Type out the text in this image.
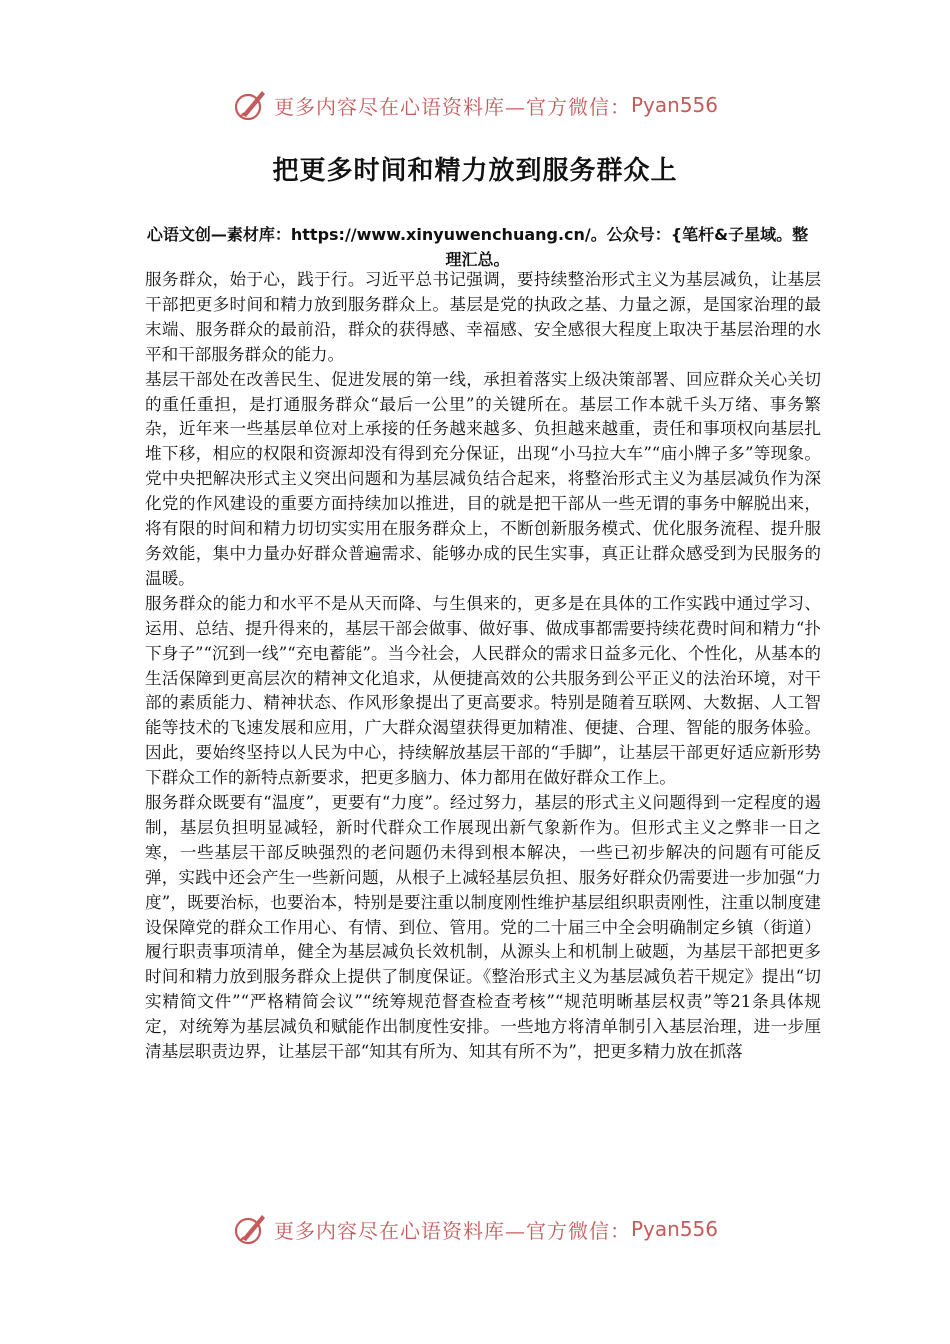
更多内容尽在心语资料库—官方微信： Pyan556
把更多时间和精力放到服务群众上
心语文创—素材库：https://www.xinyuwenchuang.cn/。公众号：{笔杆&子星域。整理汇总。

服务群众，始于心，践于行。习近平总书记强调，要持续整治形式主义为基层减负，让基层干部把更多时间和精力放到服务群众上。基层是党的执政之基、力量之源，是国家治理的最末端、服务群众的最前沿，群众的获得感、幸福感、安全感很大程度上取决于基层治理的水平和干部服务群众的能力。

基层干部处在改善民生、促进发展的第一线，承担着落实上级决策部署、回应群众关心关切的重任重担，是打通服务群众“最后一公里”的关键所在。基层工作本就千头万绪、事务繁杂，近年来一些基层单位对上承接的任务越来越多、负担越来越重，责任和事项权向基层扎堆下移，相应的权限和资源却没有得到充分保证，出现“小马拉大车”“庙小牌子多”等现象。党中央把解决形式主义突出问题和为基层减负结合起来，将整治形式主义为基层减负作为深化党的作风建设的重要方面持续加以推进，目的就是把干部从一些无谓的事务中解脱出来，将有限的时间和精力切切实实用在服务群众上，不断创新服务模式、优化服务流程、提升服务效能，集中力量办好群众普遍需求、能够办成的民生实事，真正让群众感受到为民服务的温暖。

服务群众的能力和水平不是从天而降、与生俱来的，更多是在具体的工作实践中通过学习、运用、总结、提升得来的，基层干部会做事、做好事、做成事都需要持续花费时间和精力“扑下身子”“沉到一线”“充电蓄能”。当今社会，人民群众的需求日益多元化、个性化，从基本的生活保障到更高层次的精神文化追求，从便捷高效的公共服务到公平正义的法治环境，对干部的素质能力、精神状态、作风形象提出了更高要求。特别是随着互联网、大数据、人工智能等技术的飞速发展和应用，广大群众渴望获得更加精准、便捷、合理、智能的服务体验。因此，要始终坚持以人民为中心，持续解放基层干部的“手脚”，让基层干部更好适应新形势下群众工作的新特点新要求，把更多脑力、体力都用在做好群众工作上。

服务群众既要有“温度”，更要有“力度”。经过努力，基层的形式主义问题得到一定程度的遏制，基层负担明显减轻，新时代群众工作展现出新气象新作为。但形式主义之弊非一日之寒，一些基层干部反映强烈的老问题仍未得到根本解决，一些已初步解决的问题有可能反弹，实践中还会产生一些新问题，从根子上减轻基层负担、服务好群众仍需要进一步加强“力度”，既要治标，也要治本，特别是要注重以制度刚性维护基层组织职责刚性，注重以制度建设保障党的群众工作用心、有情、到位、管用。党的二十届三中全会明确制定乡镇（街道）履行职责事项清单，健全为基层减负长效机制，从源头上和机制上破题，为基层干部把更多时间和精力放到服务群众上提供了制度保证。《整治形式主义为基层减负若干规定》提出“切实精简文件”“严格精简会议”“统筹规范督查检查考核”“规范明晰基层权责”等21条具体规定，对统筹为基层减负和赋能作出制度性安排。一些地方将清单制引入基层治理，进一步厘清基层职责边界，让基层干部“知其有所为、知其有所不为”，把更多精力放在抓落

更多内容尽在心语资料库—官方微信： Pyan556
